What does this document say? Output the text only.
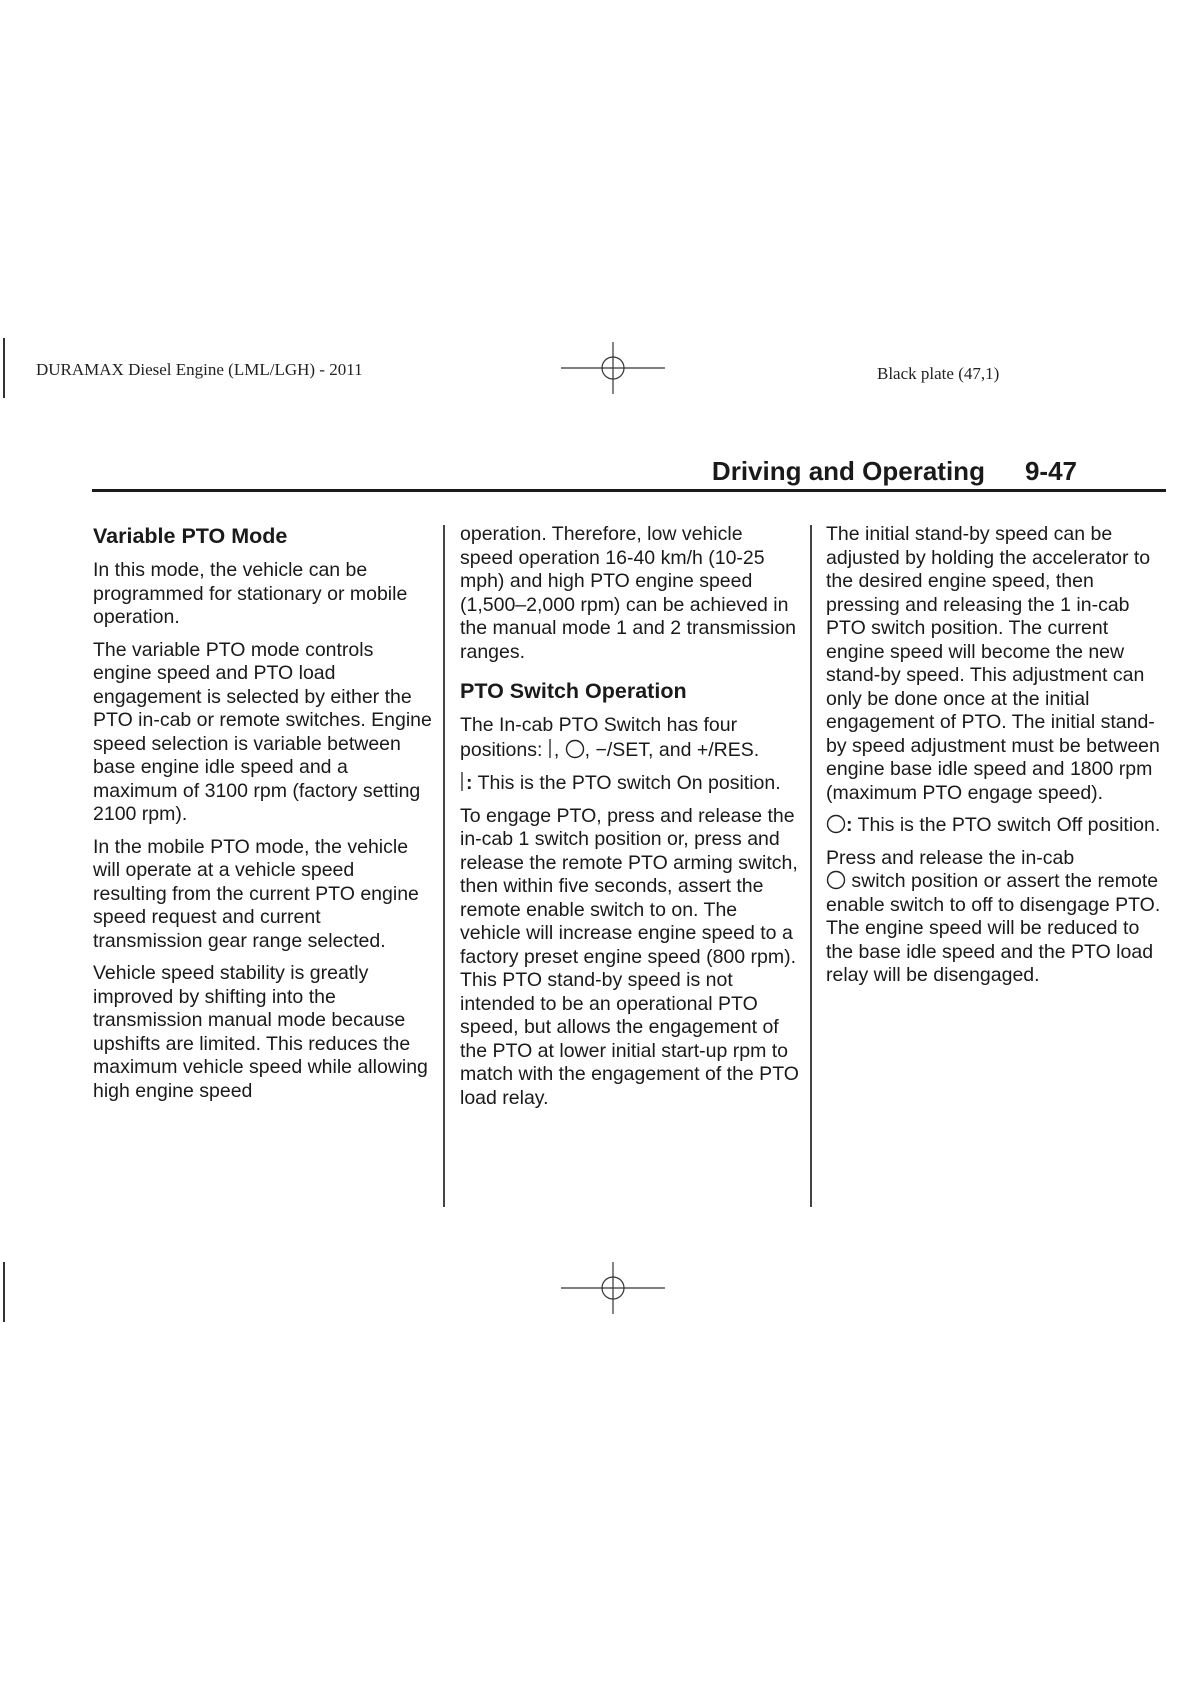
DURAMAX Diesel Engine (LML/LGH) - 2011	Black plate (47,1)
Driving and Operating 9-47
Variable PTO Mode

In this mode, the vehicle can be programmed for stationary or mobile operation.

The variable PTO mode controls engine speed and PTO load engagement is selected by either the PTO in-cab or remote switches. Engine speed selection is variable between base engine idle speed and a maximum of 3100 rpm (factory setting 2100 rpm).

In the mobile PTO mode, the vehicle will operate at a vehicle speed resulting from the current PTO engine speed request and current transmission gear range selected.

Vehicle speed stability is greatly improved by shifting into the transmission manual mode because upshifts are limited. This reduces the maximum vehicle speed while allowing high engine speed

operation. Therefore, low vehicle speed operation 16-40 km/h (10-25 mph) and high PTO engine speed (1,500–2,000 rpm) can be achieved in the manual mode 1 and 2 transmission ranges.

PTO Switch Operation

The In-cab PTO Switch has four
positions: , , −/SET, and +/RES.

: This is the PTO switch On position.

To engage PTO, press and release the in-cab 1 switch position or, press and release the remote PTO arming switch, then within five seconds, assert the remote enable switch to on. The vehicle will increase engine speed to a factory preset engine speed (800 rpm). This PTO stand-by speed is not intended to be an operational PTO speed, but allows the engagement of the PTO at lower initial start-up rpm to match with the engagement of the PTO load relay.

The initial stand-by speed can be adjusted by holding the accelerator to the desired engine speed, then pressing and releasing the 1 in-cab PTO switch position. The current engine speed will become the new stand-by speed. This adjustment can only be done once at the initial engagement of PTO. The initial stand-by speed adjustment must be between engine base idle speed and 1800 rpm (maximum PTO engage speed).

: This is the PTO switch Off position.

Press and release the in-cab
switch position or assert the remote enable switch to off to disengage PTO. The engine speed will be reduced to the base idle speed and the PTO load relay will be disengaged.
